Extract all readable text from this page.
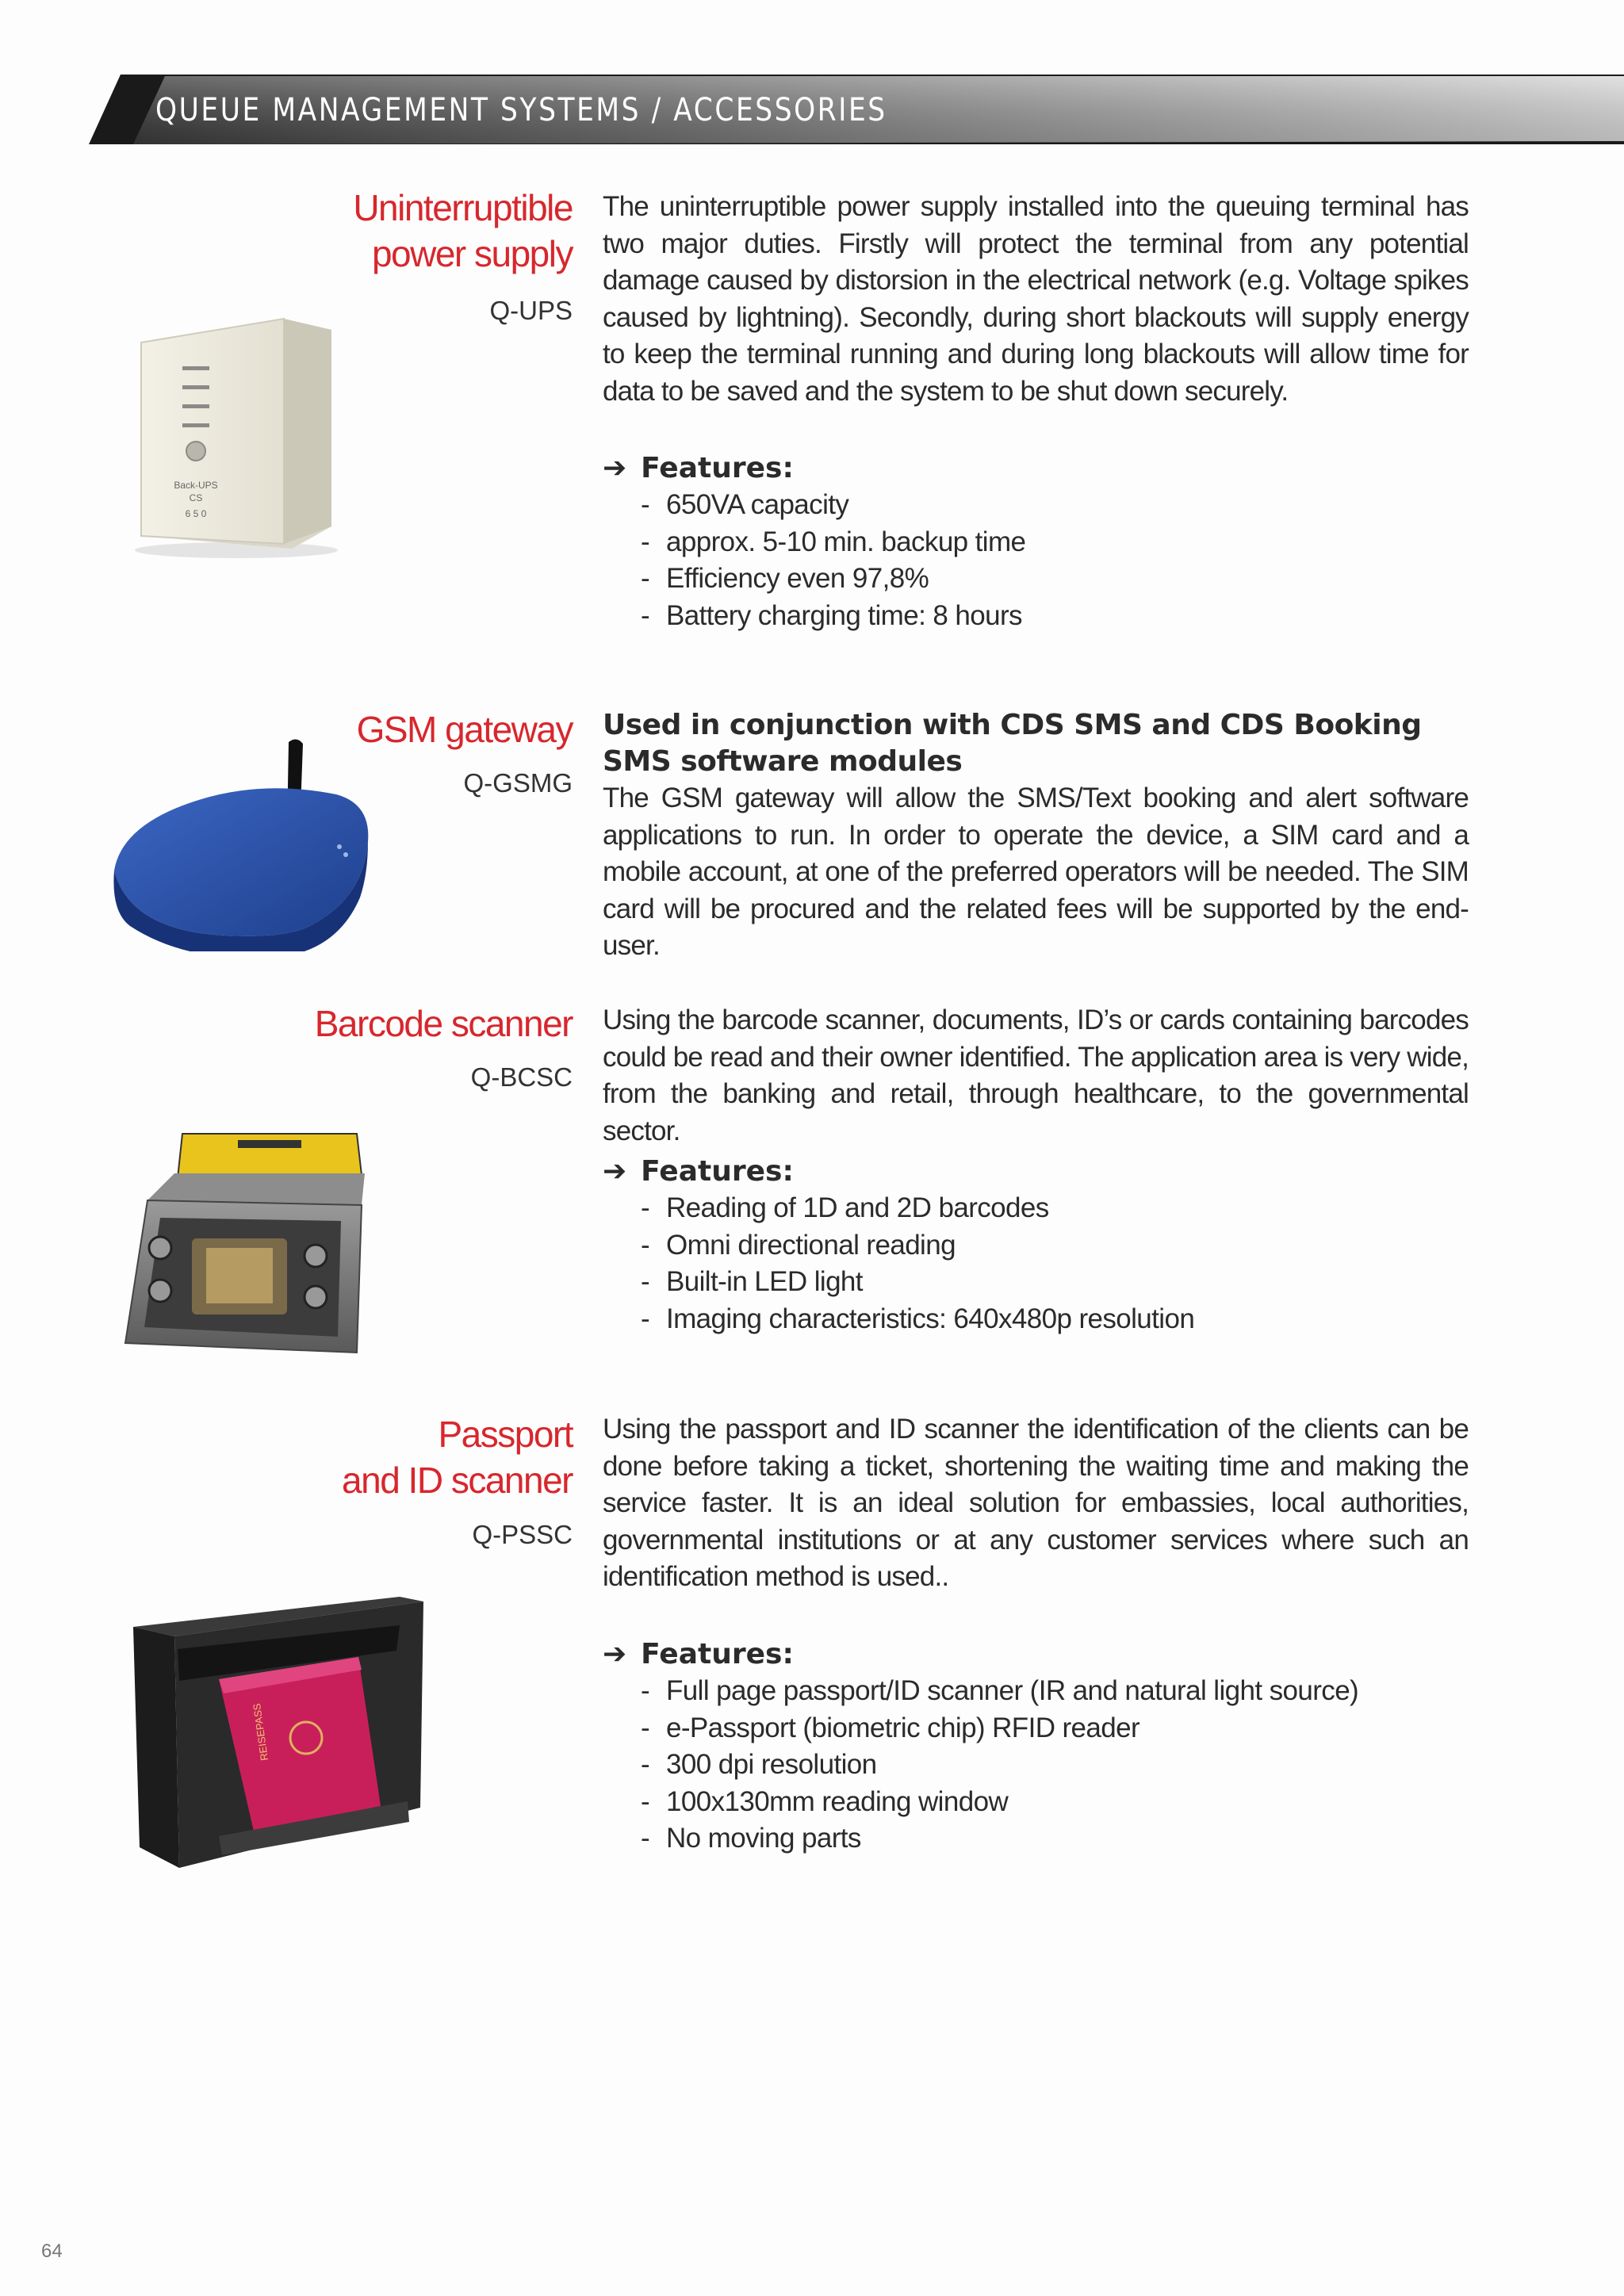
QUEUE MANAGEMENT SYSTEMS / ACCESSORIES
Uninterruptible
power supply
Q-UPS

The uninterruptible power supply installed into the queuing terminal has two major duties. Firstly will protect the terminal from any potential damage caused by distorsion in the electrical network (e.g. Voltage spikes caused by lightning). Secondly, during short blackouts will supply energy to keep the terminal running and during long blackouts will allow time for data to be saved and the system to be shut down securely.

➔ Features:
- 650VA capacity
- approx. 5-10 min. backup time
- Efficiency even 97,8%
- Battery charging time: 8 hours
Back-UPS
CS
6 5 0
GSM gateway
Q-GSMG

Used in conjunction with CDS SMS and CDS Booking SMS software modules

The GSM gateway will allow the SMS/Text booking and alert software applications to run. In order to operate the device, a SIM card and a mobile account, at one of the preferred operators will be needed. The SIM card will be procured and the related fees will be supported by the end-user.

Barcode scanner
Q-BCSC

Using the barcode scanner, documents, ID’s or cards containing barcodes could be read and their owner identified. The application area is very wide, from the banking and retail, through healthcare, to the governmental sector.

➔ Features:
- Reading of 1D and 2D barcodes
- Omni directional reading
- Built-in LED light
- Imaging characteristics: 640x480p resolution
Passport
and ID scanner
Q-PSSC

Using the passport and ID scanner the identification of the clients can be done before taking a ticket, shortening the waiting time and making the service faster. It is an ideal solution for embassies, local authorities, governmental institutions or at any customer services where such an identification method is used..

➔ Features:
- Full page passport/ID scanner (IR and natural light source)
- e-Passport (biometric chip) RFID reader
- 300 dpi resolution
- 100x130mm reading window
- No moving parts
REISEPASS
64
